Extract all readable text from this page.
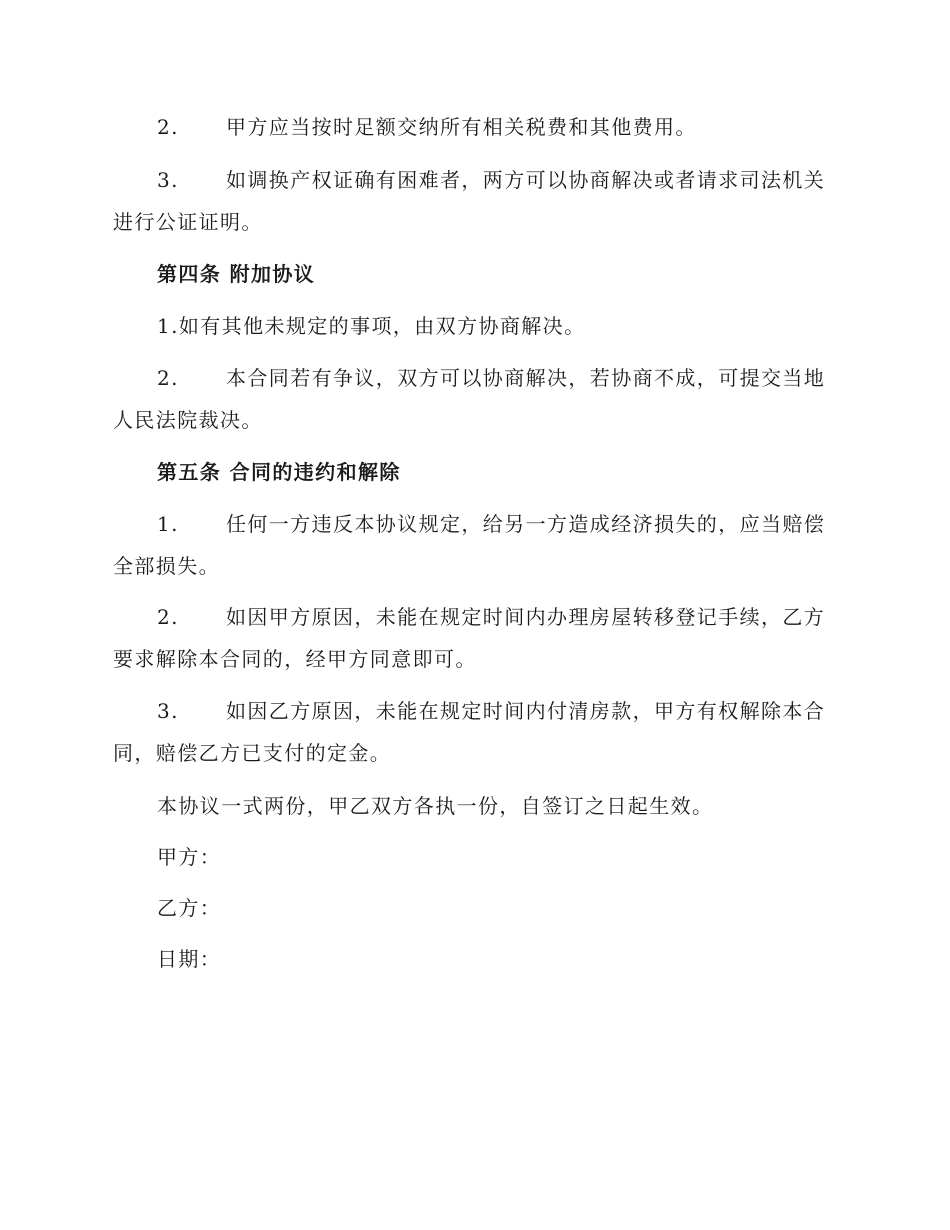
2. 甲方应当按时足额交纳所有相关税费和其他费用。
3. 如调换产权证确有困难者，两方可以协商解决或者请求司法机关
进行公证证明。
第四条 附加协议
1.如有其他未规定的事项，由双方协商解决。
2. 本合同若有争议，双方可以协商解决，若协商不成，可提交当地
人民法院裁决。
第五条 合同的违约和解除
1. 任何一方违反本协议规定，给另一方造成经济损失的，应当赔偿
全部损失。
2. 如因甲方原因，未能在规定时间内办理房屋转移登记手续，乙方
要求解除本合同的，经甲方同意即可。
3. 如因乙方原因，未能在规定时间内付清房款，甲方有权解除本合
同，赔偿乙方已支付的定金。
本协议一式两份，甲乙双方各执一份，自签订之日起生效。
甲方：
乙方：
日期：
